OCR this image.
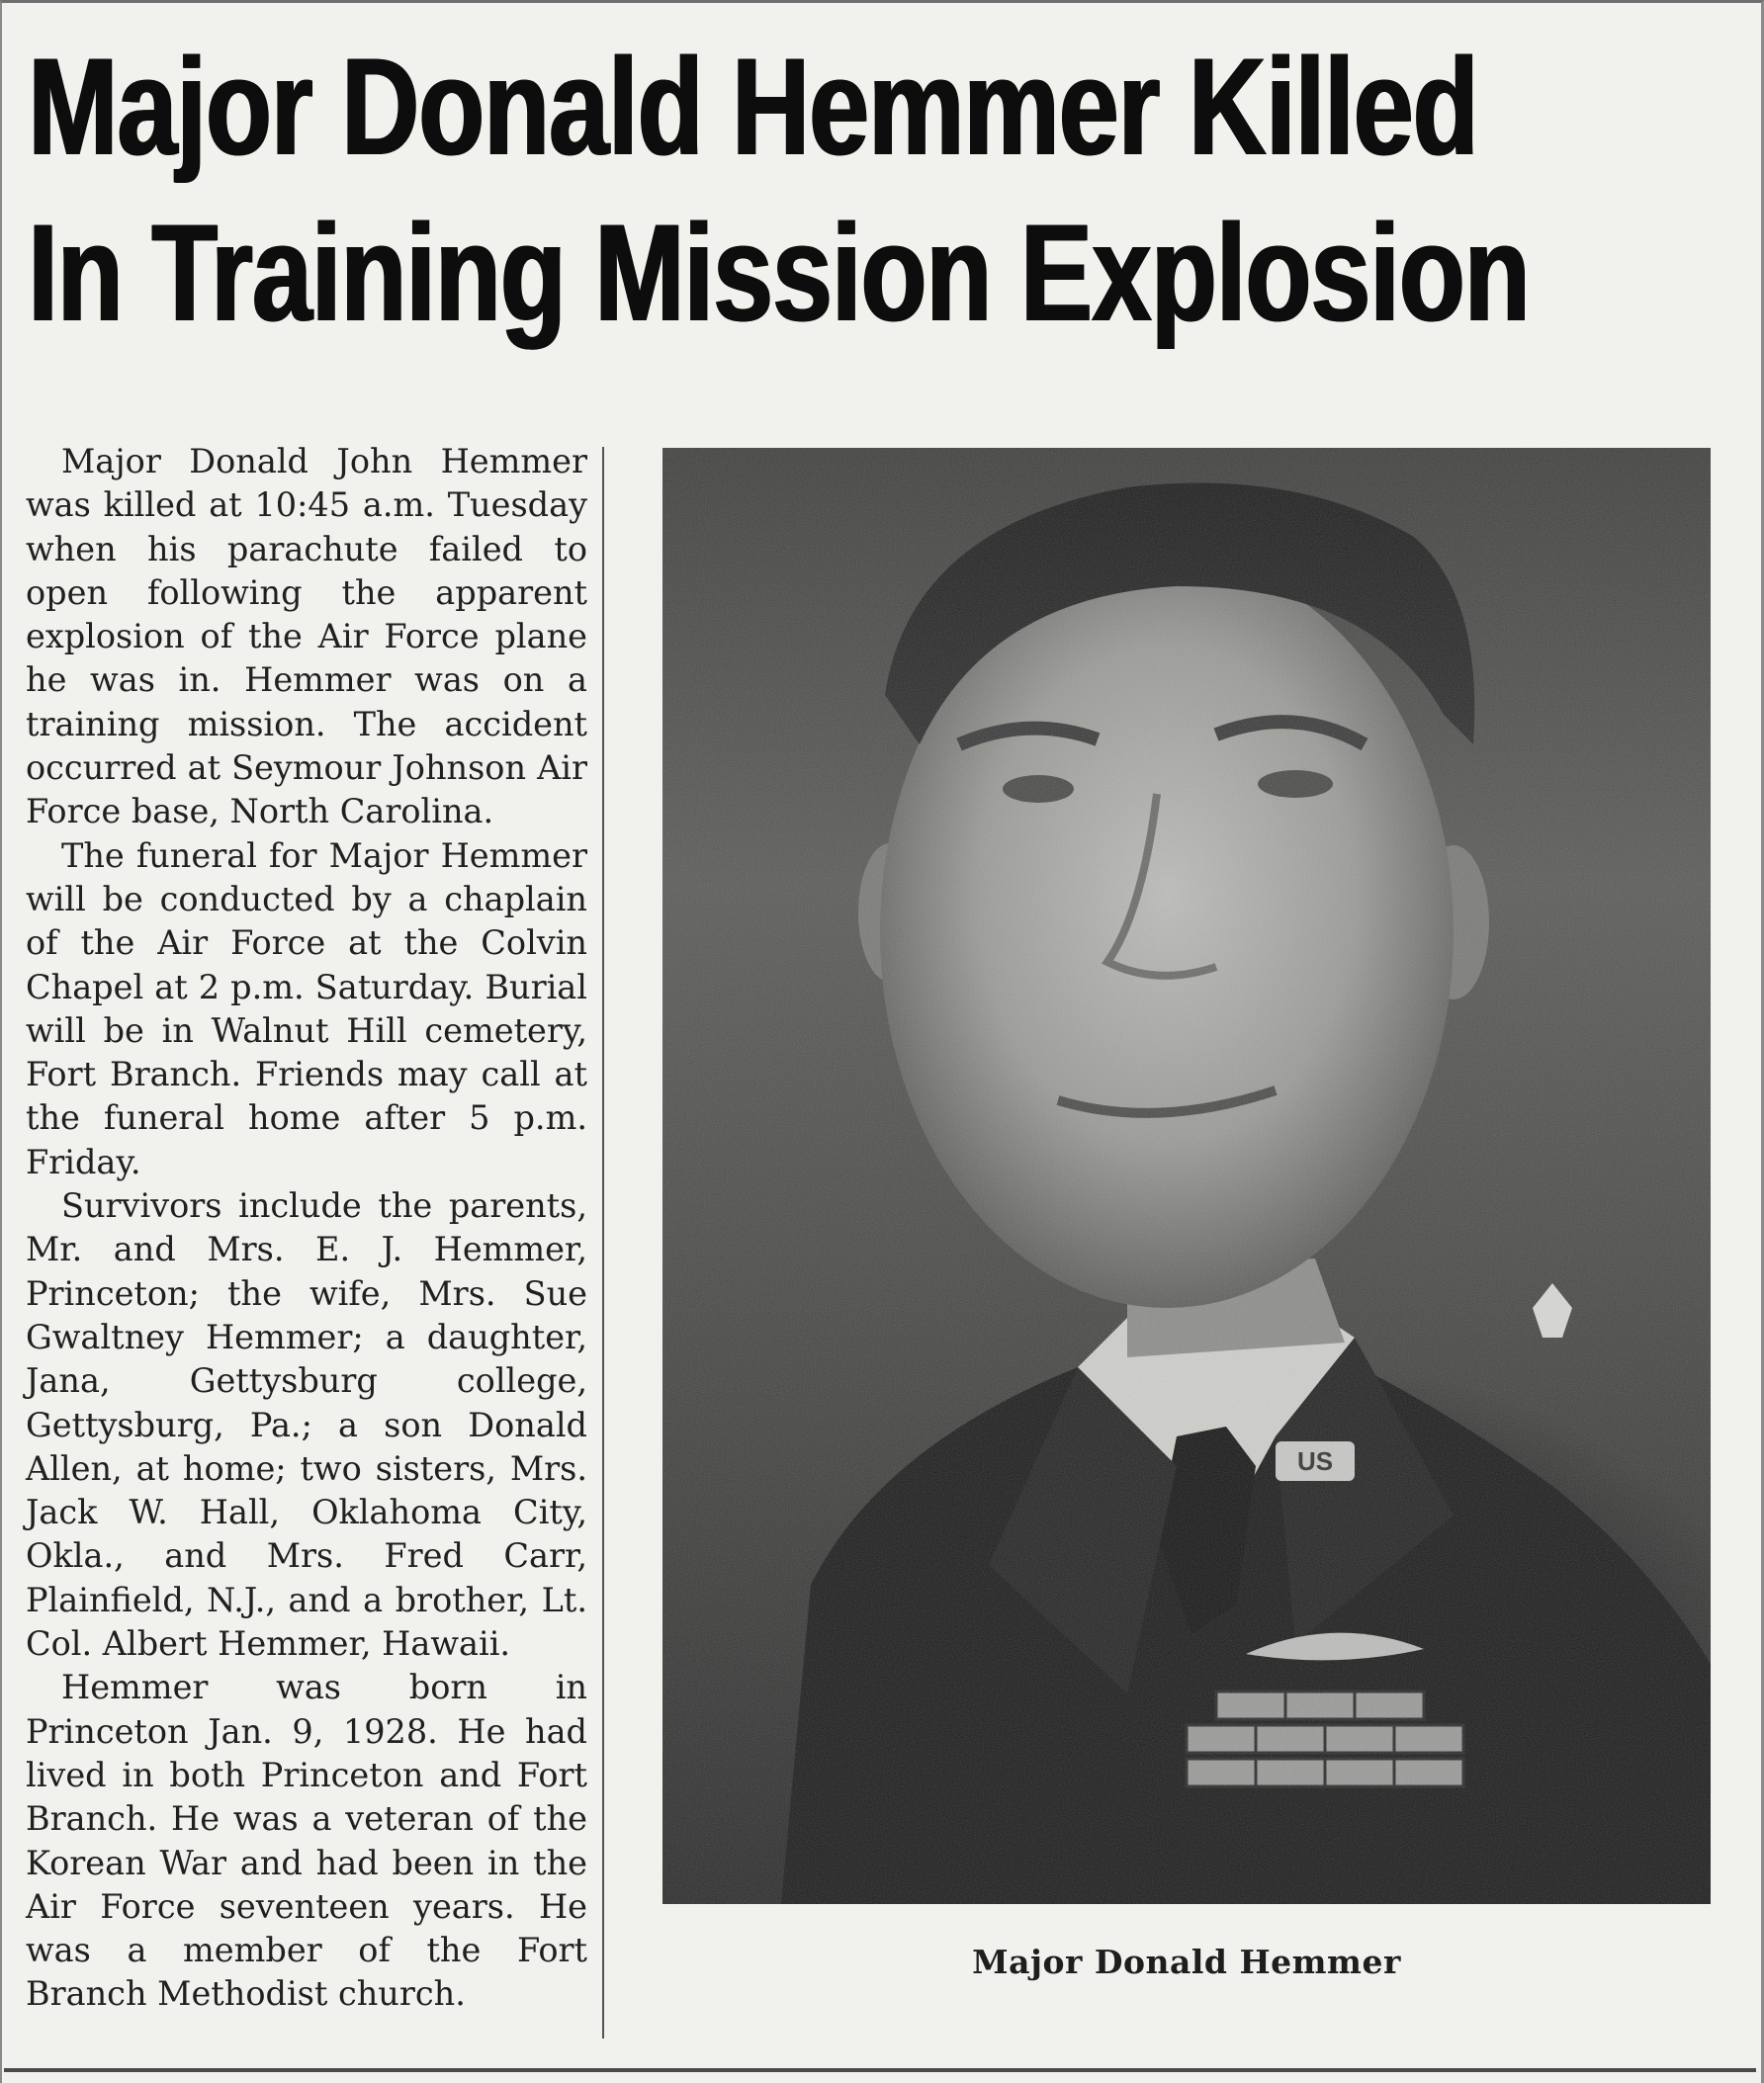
Major Donald Hemmer Killed
In Training Mission Explosion

Major Donald John Hemmer was killed at 10:45 a.m. Tuesday when his parachute failed to open following the apparent explosion of the Air Force plane he was in. Hemmer was on a training mission. The accident occurred at Seymour Johnson Air Force base, North Carolina.

The funeral for Major Hemmer will be conducted by a chaplain of the Air Force at the Colvin Chapel at 2 p.m. Saturday. Burial will be in Walnut Hill cemetery, Fort Branch. Friends may call at the funeral home after 5 p.m. Friday.

Survivors include the parents, Mr. and Mrs. E. J. Hemmer, Princeton; the wife, Mrs. Sue Gwaltney Hemmer; a daughter, Jana, Gettysburg college, Gettysburg, Pa.; a son Donald Allen, at home; two sisters, Mrs. Jack W. Hall, Oklahoma City, Okla., and Mrs. Fred Carr, Plainfield, N.J., and a brother, Lt. Col. Albert Hemmer, Hawaii.

Hemmer was born in Princeton Jan. 9, 1928. He had lived in both Princeton and Fort Branch. He was a veteran of the Korean War and had been in the Air Force seventeen years. He was a member of the Fort Branch Methodist church.

Major Donald Hemmer
